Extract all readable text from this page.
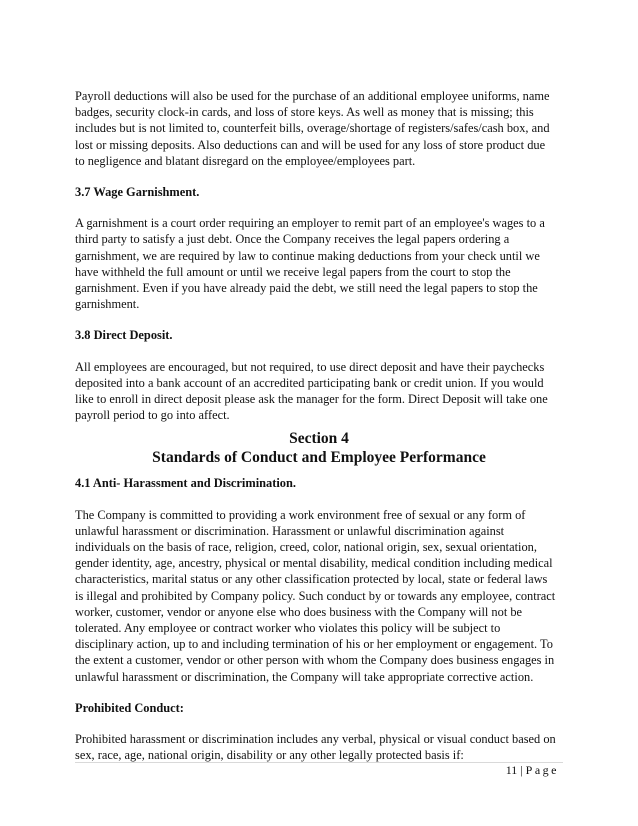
Payroll deductions will also be used for the purchase of an additional employee uniforms, name
badges, security clock-in cards, and loss of store keys. As well as money that is missing; this
includes but is not limited to, counterfeit bills, overage/shortage of registers/safes/cash box, and
lost or missing deposits. Also deductions can and will be used for any loss of store product due
to negligence and blatant disregard on the employee/employees part.

3.7 Wage Garnishment.

A garnishment is a court order requiring an employer to remit part of an employee's wages to a
third party to satisfy a just debt. Once the Company receives the legal papers ordering a
garnishment, we are required by law to continue making deductions from your check until we
have withheld the full amount or until we receive legal papers from the court to stop the
garnishment. Even if you have already paid the debt, we still need the legal papers to stop the
garnishment.

3.8 Direct Deposit.

All employees are encouraged, but not required, to use direct deposit and have their paychecks
deposited into a bank account of an accredited participating bank or credit union. If you would
like to enroll in direct deposit please ask the manager for the form. Direct Deposit will take one
payroll period to go into affect.

Section 4
Standards of Conduct and Employee Performance

4.1 Anti- Harassment and Discrimination.

The Company is committed to providing a work environment free of sexual or any form of
unlawful harassment or discrimination. Harassment or unlawful discrimination against
individuals on the basis of race, religion, creed, color, national origin, sex, sexual orientation,
gender identity, age, ancestry, physical or mental disability, medical condition including medical
characteristics, marital status or any other classification protected by local, state or federal laws
is illegal and prohibited by Company policy. Such conduct by or towards any employee, contract
worker, customer, vendor or anyone else who does business with the Company will not be
tolerated. Any employee or contract worker who violates this policy will be subject to
disciplinary action, up to and including termination of his or her employment or engagement. To
the extent a customer, vendor or other person with whom the Company does business engages in
unlawful harassment or discrimination, the Company will take appropriate corrective action.

Prohibited Conduct:

Prohibited harassment or discrimination includes any verbal, physical or visual conduct based on
sex, race, age, national origin, disability or any other legally protected basis if:

11 | Page
